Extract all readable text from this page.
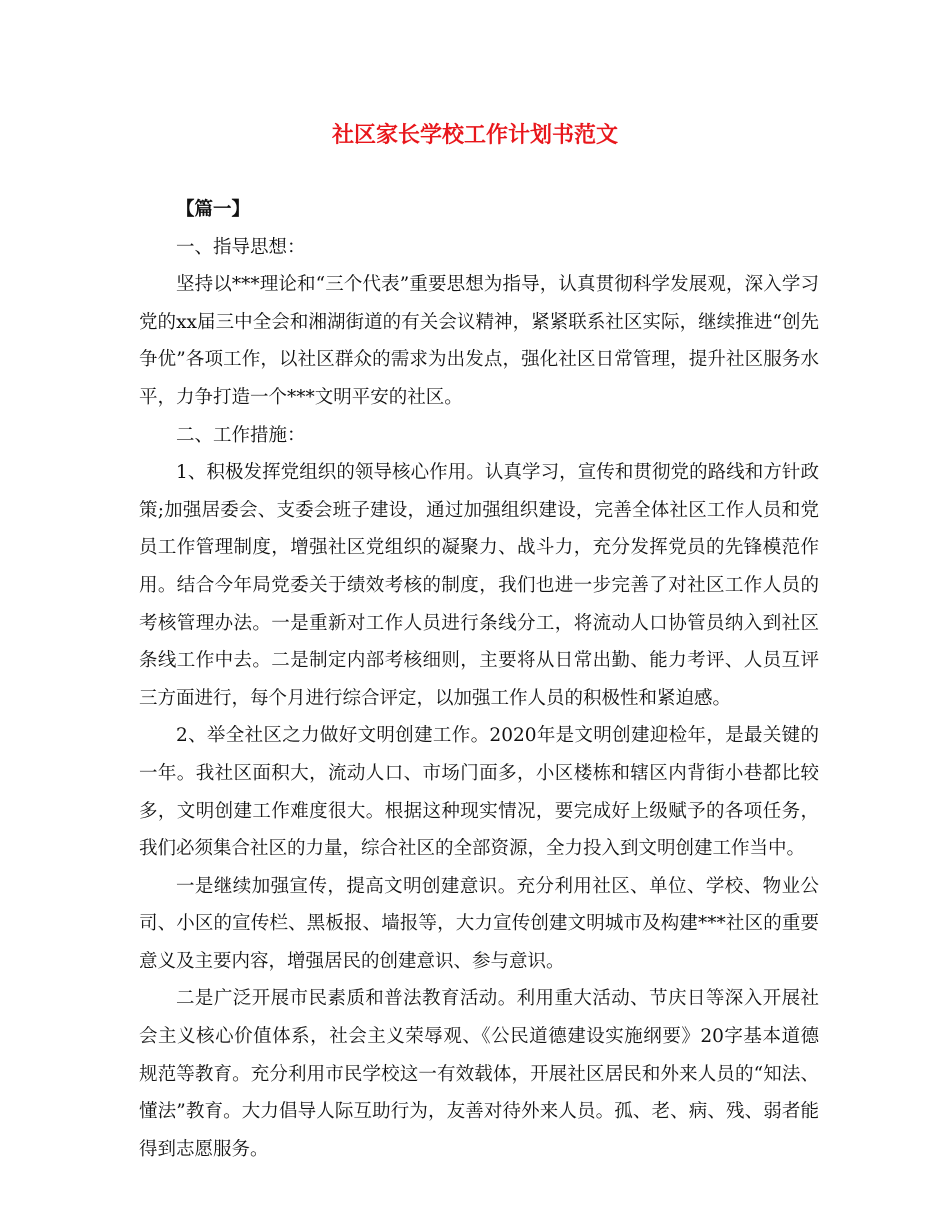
社区家长学校工作计划书范文

【篇一】

一、指导思想：

坚持以***理论和“三个代表”重要思想为指导，认真贯彻科学发展观，深入学习党的xx届三中全会和湘湖街道的有关会议精神，紧紧联系社区实际，继续推进“创先争优”各项工作，以社区群众的需求为出发点，强化社区日常管理，提升社区服务水平，力争打造一个***文明平安的社区。

二、工作措施：

1、积极发挥党组织的领导核心作用。认真学习，宣传和贯彻党的路线和方针政策;加强居委会、支委会班子建设，通过加强组织建设，完善全体社区工作人员和党员工作管理制度，增强社区党组织的凝聚力、战斗力，充分发挥党员的先锋模范作用。结合今年局党委关于绩效考核的制度，我们也进一步完善了对社区工作人员的考核管理办法。一是重新对工作人员进行条线分工，将流动人口协管员纳入到社区条线工作中去。二是制定内部考核细则，主要将从日常出勤、能力考评、人员互评三方面进行，每个月进行综合评定，以加强工作人员的积极性和紧迫感。

2、举全社区之力做好文明创建工作。2020年是文明创建迎检年，是最关键的一年。我社区面积大，流动人口、市场门面多，小区楼栋和辖区内背街小巷都比较多，文明创建工作难度很大。根据这种现实情况，要完成好上级赋予的各项任务，我们必须集合社区的力量，综合社区的全部资源，全力投入到文明创建工作当中。

一是继续加强宣传，提高文明创建意识。充分利用社区、单位、学校、物业公司、小区的宣传栏、黑板报、墙报等，大力宣传创建文明城市及构建***社区的重要意义及主要内容，增强居民的创建意识、参与意识。

二是广泛开展市民素质和普法教育活动。利用重大活动、节庆日等深入开展社会主义核心价值体系，社会主义荣辱观、《公民道德建设实施纲要》20字基本道德规范等教育。充分利用市民学校这一有效载体，开展社区居民和外来人员的“知法、懂法”教育。大力倡导人际互助行为，友善对待外来人员。孤、老、病、残、弱者能得到志愿服务。
